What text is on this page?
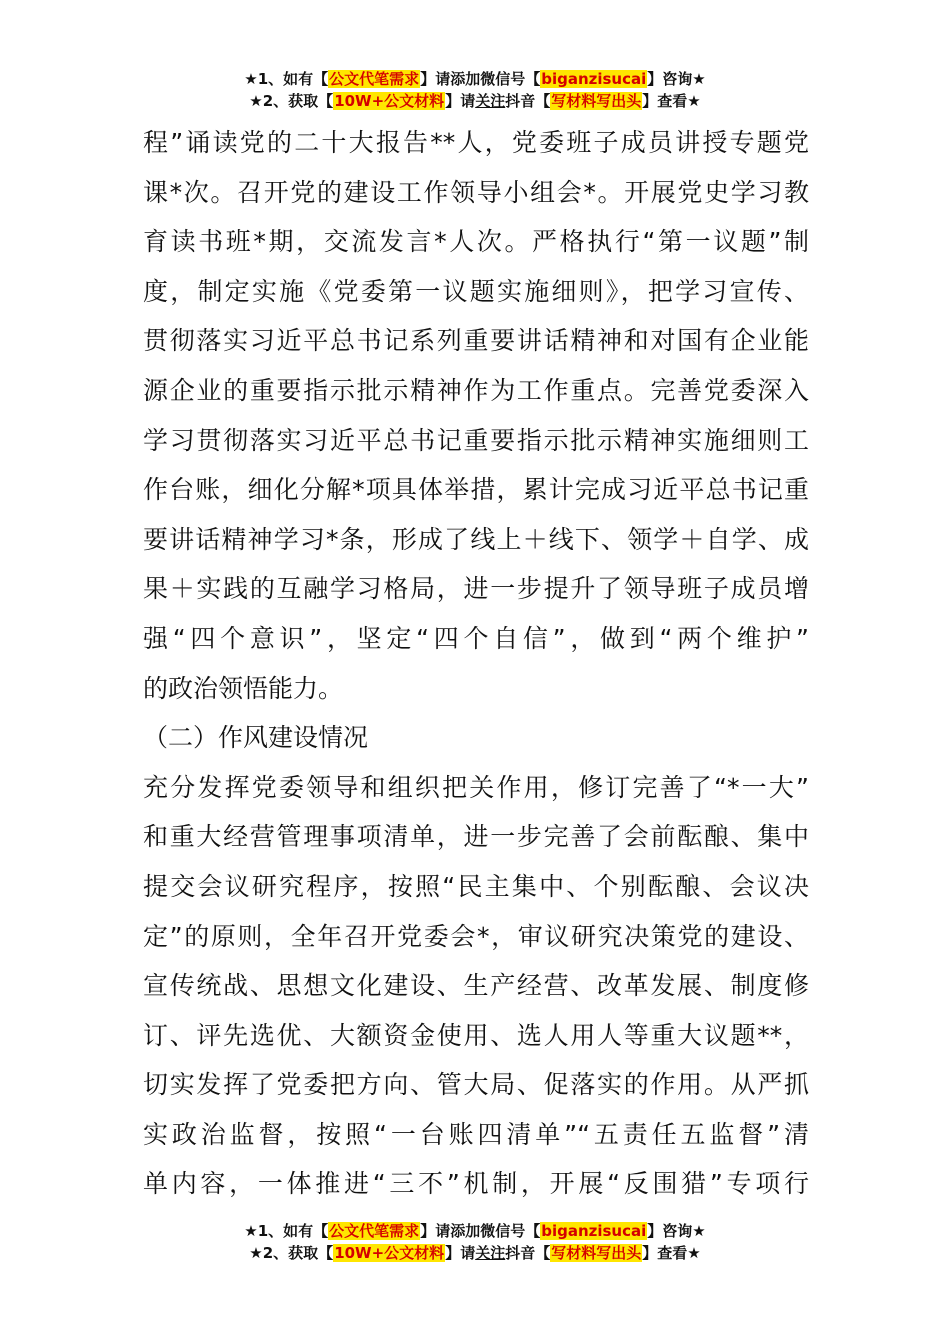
★1、如有【公文代笔需求】请添加微信号【biganzisucai】咨询★
★2、获取【10W+公文材料】请关注抖音【写材料写出头】查看★
程”诵读党的二十大报告**人，党委班子成员讲授专题党
课*次。召开党的建设工作领导小组会*。开展党史学习教
育读书班*期，交流发言*人次。严格执行“第一议题”制
度，制定实施《党委第一议题实施细则》，把学习宣传、
贯彻落实习近平总书记系列重要讲话精神和对国有企业能
源企业的重要指示批示精神作为工作重点。完善党委深入
学习贯彻落实习近平总书记重要指示批示精神实施细则工
作台账，细化分解*项具体举措，累计完成习近平总书记重
要讲话精神学习*条，形成了线上＋线下、领学＋自学、成
果＋实践的互融学习格局，进一步提升了领导班子成员增
强“四个意识”，坚定“四个自信”，做到“两个维护”
的政治领悟能力。
（二）作风建设情况
充分发挥党委领导和组织把关作用，修订完善了“*一大”
和重大经营管理事项清单，进一步完善了会前酝酿、集中
提交会议研究程序，按照“民主集中、个别酝酿、会议决
定”的原则，全年召开党委会*，审议研究决策党的建设、
宣传统战、思想文化建设、生产经营、改革发展、制度修
订、评先选优、大额资金使用、选人用人等重大议题**，
切实发挥了党委把方向、管大局、促落实的作用。从严抓
实政治监督，按照“一台账四清单”“五责任五监督”清
单内容，一体推进“三不”机制，开展“反围猎”专项行
★1、如有【公文代笔需求】请添加微信号【biganzisucai】咨询★
★2、获取【10W+公文材料】请关注抖音【写材料写出头】查看★
